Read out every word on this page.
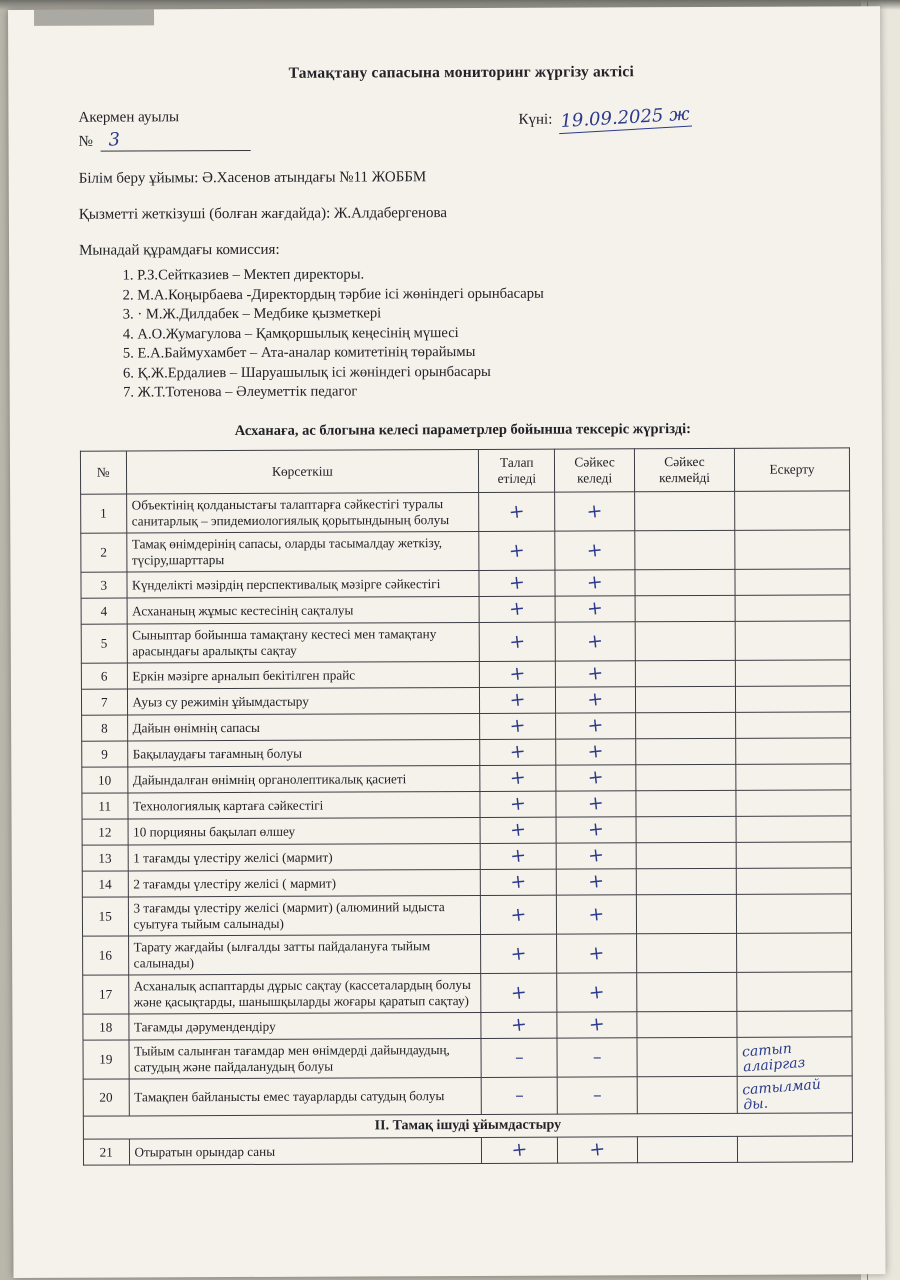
Тамақтану сапасына мониторинг жүргізу актісі
Акермен ауылы	Күні: 19.09.2025 ж
№ 3
Білім беру ұйымы: Ә.Хасенов атындағы №11 ЖОББМ
Қызметті жеткізуші (болған жағдайда): Ж.Алдабергенова
Мынадай құрамдағы комиссия:
1. Р.З.Сейтказиев – Мектеп директоры.
2. М.А.Коңырбаева -Директордың тәрбие ісі жөніндегі орынбасары
· 3. М.Ж.Дилдабек – Медбике қызметкері
4. А.О.Жумагулова – Қамқоршылық кеңесінің мүшесі
5. Е.А.Баймухамбет – Ата-аналар комитетінің төрайымы
6. Қ.Ж.Ердалиев – Шаруашылық ісі жөніндегі орынбасары
7. Ж.Т.Тотенова – Әлеуметтік педагог
Асханаға, ас блогына келесі параметрлер бойынша тексеріс жүргізді:
№	Көрсеткіш	Талап етіледі	Сәйкес келеді	Сәйкес келмейді	Ескерту
1	Объектінің қолданыстағы талаптарға сәйкестігі туралы санитарлық – эпидемиологиялық қорытындының болуы	+	+		

2	Тамақ өнімдерінің сапасы, оларды тасымалдау жеткізу, түсіру,шарттары	+	+		

3	Күнделікті мәзірдің перспективалық мәзірге сәйкестігі	+	+		

4	Асхананың жұмыс кестесінің сақталуы	+	+		

5	Сыныптар бойынша тамақтану кестесі мен тамақтану арасындағы аралықты сақтау	+	+		

6	Еркін мәзірге арналып бекітілген прайс	+	+		

7	Ауыз су режимін ұйымдастыру	+	+		

8	Дайын өнімнің сапасы	+	+		

9	Бақылаудағы тағамның болуы	+	+		

10	Дайындалған өнімнің органолептикалық қасиеті	+	+		

11	Технологиялық картаға сәйкестігі	+	+		

12	10 порцияны бақылап өлшеу	+	+		

13	1 тағамды үлестіру желісі (мармит)	+	+		

14	2 тағамды үлестіру желісі ( мармит)	+	+		

15	3 тағамды үлестіру желісі (мармит) (алюминий ыдыста суытуға тыйым салынады)	+	+		

16	Тарату жағдайы (ылғалды затты пайдалануға тыйым салынады)	+	+		

17	Асханалық аспаптарды дұрыс сақтау (кассеталардың болуы және қасықтарды, шанышқыларды жоғары қаратып сақтау)	+	+		

18	Тағамды дәрумендендіру	+	+		

19	Тыйым салынған тағамдар мен өнімдерді дайындаудың, сатудың және пайдаланудың болуы	–	–		сатып алаіргаз

20	Тамақпен байланысты емес тауарларды сатудың болуы	–	–		сатылмай ды.

ІІ. Тамақ ішуді ұйымдастыру					
21	Отыратын орындар саны	+	+		
